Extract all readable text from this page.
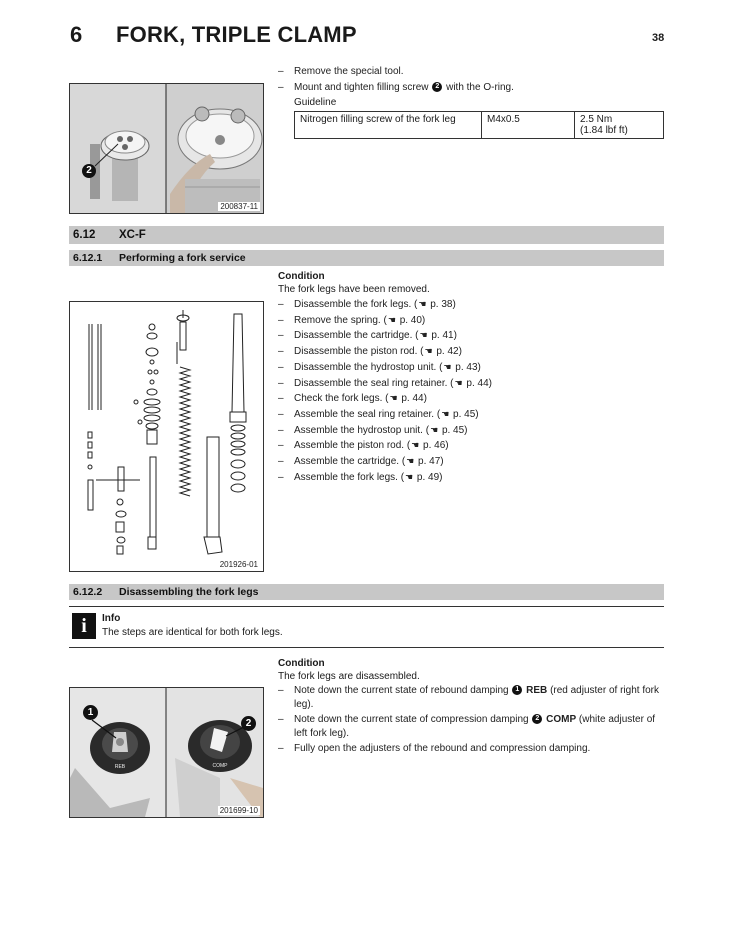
6 FORK, TRIPLE CLAMP	38
2
200837-11
– Remove the special tool.
– Mount and tighten filling screw 2 with the O-ring.
Guideline
Nitrogen filling screw of the fork leg	M4x0.5	2.5 Nm
(1.84 lbf ft)
6.12 XC-F
6.12.1 Performing a fork service
201926-01
Condition
The fork legs have been removed.
– Disassemble the fork legs. (☚ p. 38)
– Remove the spring. (☚ p. 40)
– Disassemble the cartridge. (☚ p. 41)
– Disassemble the piston rod. (☚ p. 42)
– Disassemble the hydrostop unit. (☚ p. 43)
– Disassemble the seal ring retainer. (☚ p. 44)
– Check the fork legs. (☚ p. 44)
– Assemble the seal ring retainer. (☚ p. 45)
– Assemble the hydrostop unit. (☚ p. 45)
– Assemble the piston rod. (☚ p. 46)
– Assemble the cartridge. (☚ p. 47)
– Assemble the fork legs. (☚ p. 49)
6.12.2 Disassembling the fork legs
i	Info
The steps are identical for both fork legs.
REB	COMP
1
2
201699-10
Condition
The fork legs are disassembled.
– Note down the current state of rebound damping 1 REB (red adjuster of right fork leg).
– Note down the current state of compression damping 2 COMP (white adjuster of left fork leg).
– Fully open the adjusters of the rebound and compression damping.
